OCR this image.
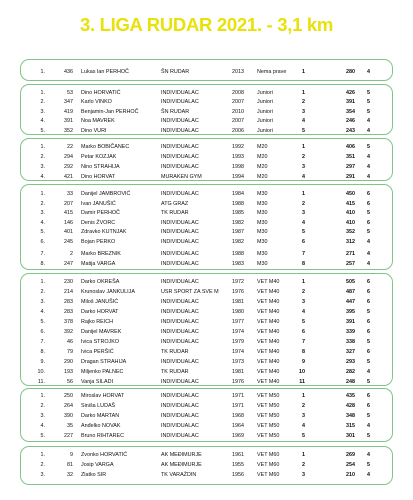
3. LIGA RUDAR 2021. - 3,1 km
1.	436 Lukas Ian PERHOČ	ŠN RUDAR	2013	Nema prave	1	280 4
1.	53 Dino HORVATIĆ	INDIVIDUALAC	2008	Juniori	1	426 5
2.	347 Karlo VINKO	INDIVIDUALAC	2007	Juniori	2	391 5
3.	419 Benjamin-Jan PERHOČ	ŠN RUDAR	2010	Juniori	3	354 5
4.	391 Noa MAVREK	INDIVIDUALAC	2007	Juniori	4	246 4
5.	352 Dino VURI	INDIVIDUALAC	2006	Juniori	5	243 4
1.	22 Marko BOBIČANEC	INDIVIDUALAC	1992	M20	1	406 5
2.	294 Petar KOZJAK	INDIVIDUALAC	1993	M20	2	351 4
3.	292 Nino STRAHIJA	INDIVIDUALAC	1998	M20	3	297 4
4.	421 Dino HORVAT	MURAKEN GYM	1994	M20	4	291 4
1.	33 Danijel JAMBROVIĆ	INDIVIDUALAC	1984	M30	1	450 6
2.	207 Ivan JANUŠIĆ	ATG GRAZ	1988	M30	2	415 6
3.	415 Damir PERHOČ	TK RUDAR	1985	M30	3	410 5
4.	146 Denis ŽVORC	INDIVIDUALAC	1982	M30	4	410 6
5.	401 Zdravko KUTNJAK	INDIVIDUALAC	1987	M30	5	352 5
6.	245 Bojan PERKO	INDIVIDUALAC	1982	M30	6	312 4
7.	2 Marko BREZNIK	INDIVIDUALAC	1988	M30	7	271 4
8.	247 Matija VARGA	INDIVIDUALAC	1983	M30	8	257 4
1.	230 Darko OKREŠA	INDIVIDUALAC	1972	VET M40	1	505 6
2.	214 Krunoslav JANKULIJA	USR SPORT ZA SVE M	1976	VET M40	2	487 6
3.	283 Miloš JANUŠIĆ	INDIVIDUALAC	1981	VET M40	3	447 6
4.	283 Darko HORVAT	INDIVIDUALAC	1980	VET M40	4	395 5
5.	378 Rajko REICH	INDIVIDUALAC	1977	VET M40	5	391 6
6.	392 Danijel MAVREK	INDIVIDUALAC	1974	VET M40	6	339 6
7.	46 Ivica STROJKO	INDIVIDUALAC	1979	VET M40	7	338 5
8.	79 Ivica PERŠIĆ	TK RUDAR	1974	VET M40	8	327 6
9.	290 Dragan STRAHIJA	INDIVIDUALAC	1973	VET M40	9	293 5
10.	193 Miljenko PALNEC	TK RUDAR	1981	VET M40	10	282 4
11.	56 Vanja SILADI	INDIVIDUALAC	1976	VET M40	11	248 5
1.	250 Miroslav HORVAT	INDIVIDUALAC	1971	VET M50	1	435 6
2.	264 Siniša LUDAŠ	INDIVIDUALAC	1971	VET M50	2	428 6
3.	390 Darko MARTAN	INDIVIDUALAC	1968	VET M50	3	348 5
4.	35 Anđelko NOVAK	INDIVIDUALAC	1964	VET M50	4	315 4
5.	227 Bruno RIHTAREC	INDIVIDUALAC	1969	VET M50	5	301 5
1.	9 Zvonko HORVATIĆ	AK MEĐIMURJE	1961	VET M60	1	269 4
2.	81 Josip VARGA	AK MEĐIMURJE	1955	VET M60	2	254 5
3.	32 Zlatko SIR	TK VARAŽDIN	1956	VET M60	3	210 4
